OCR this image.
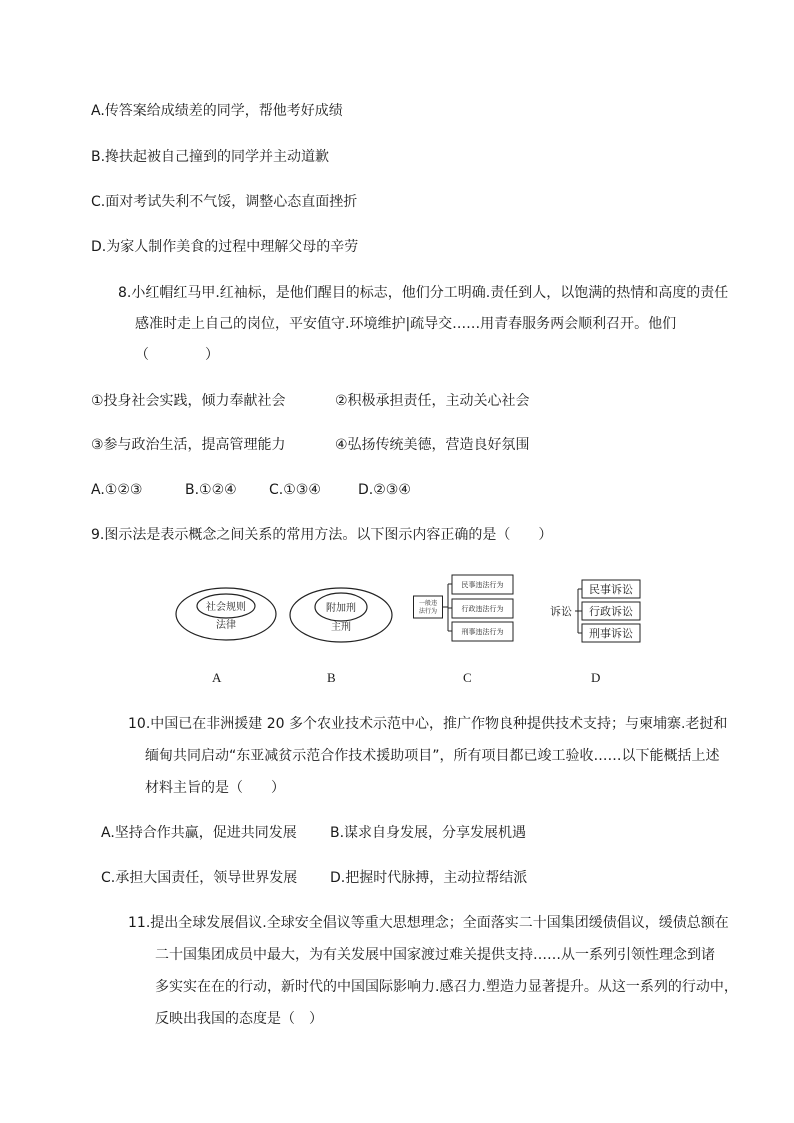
A.传答案给成绩差的同学，帮他考好成绩
B.搀扶起被自己撞到的同学并主动道歉
C.面对考试失利不气馁，调整心态直面挫折
D.为家人制作美食的过程中理解父母的辛劳
8.小红帽红马甲.红袖标，是他们醒目的标志，他们分工明确.责任到人，以饱满的热情和高度的责任
感准时走上自己的岗位，平安值守.环境维护|疏导交……用青春服务两会顺利召开。他们
（　　　　）
①投身社会实践，倾力奉献社会	②积极承担责任，主动关心社会
③参与政治生活，提高管理能力	④弘扬传统美德，营造良好氛围
A.①②③	B.①②④ C.①③④	D.②③④
9.图示法是表示概念之间关系的常用方法。以下图示内容正确的是（　　）
社会规则
法律
附加刑
主刑
一般违
法行为
民事违法行为
行政违法行为
刑事违法行为
诉讼
民事诉讼
行政诉讼
刑事诉讼
A	B	C	D
10.中国已在非洲援建 20 多个农业技术示范中心，推广作物良种提供技术支持；与柬埔寨.老挝和
缅甸共同启动“东亚减贫示范合作技术援助项目”，所有项目都已竣工验收……以下能概括上述
材料主旨的是（　　）
A.坚持合作共赢，促进共同发展 B.谋求自身发展，分享发展机遇
C.承担大国责任，领导世界发展 D.把握时代脉搏，主动拉帮结派
11.提出全球发展倡议.全球安全倡议等重大思想理念；全面落实二十国集团缓债倡议，缓债总额在
二十国集团成员中最大，为有关发展中国家渡过难关提供支持……从一系列引领性理念到诸
多实实在在的行动，新时代的中国国际影响力.感召力.塑造力显著提升。从这一系列的行动中，
反映出我国的态度是（　）
